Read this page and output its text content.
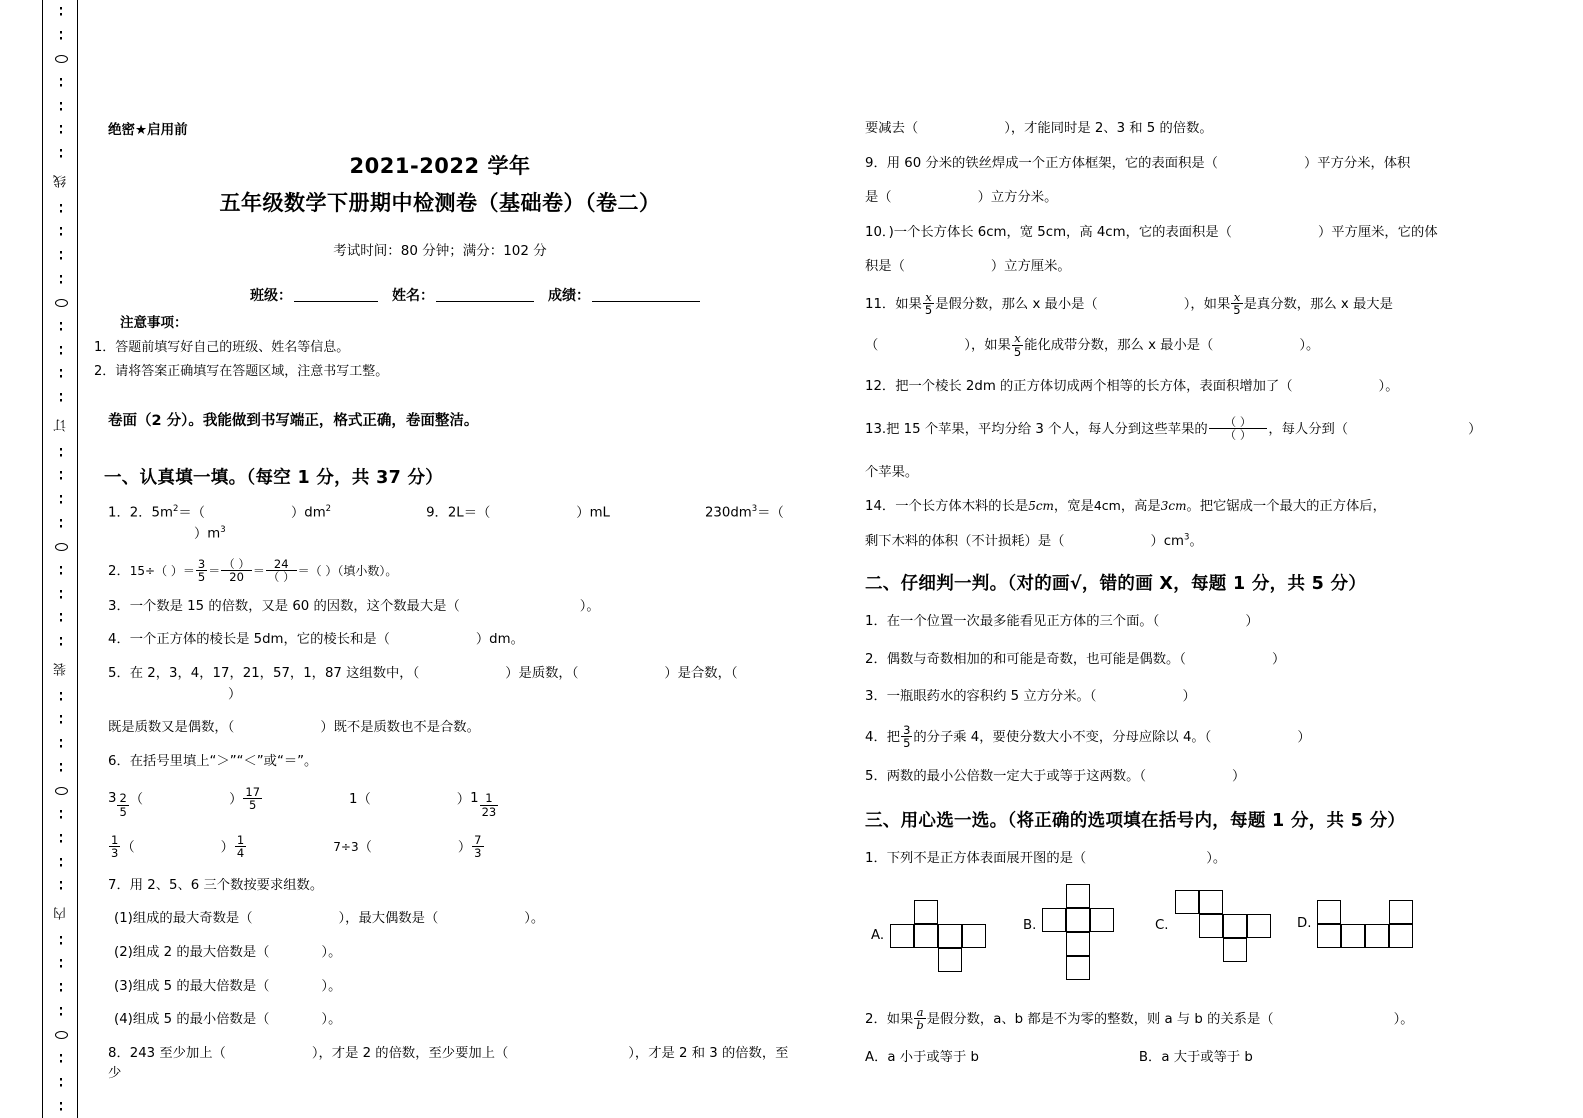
线
订
装
内
绝密★启用前
2021-2022 学年
五年级数学下册期中检测卷（基础卷）（卷二）
考试时间：80 分钟；满分：102 分
班级：	姓名：	成绩：
注意事项：
1．答题前填写好自己的班级、姓名等信息。
2．请将答案正确填写在答题区域，注意书写工整。
卷面（2 分）。我能做到书写端正，格式正确，卷面整洁。
一、认真填一填。（每空 1 分，共 37 分）
1．2．$5m^2=$（	）$dm^2$	9．2L＝（	）mL	$230dm^3=()m^3$
2．15÷（ ）＝ $\frac{3}{5} = \frac{( )}{20} = \frac{24}{( )}$ ＝（ ）（填小数）。
3．一个数是 15 的倍数，又是 60 的因数，这个数最大是（	）。
4．一个正方体的棱长是 5dm，它的棱长和是（	）dm。
5．在 2，3，4，17，21，57，1，87 这组数中，（	）是质数，（	）是合数，（）
既是质数又是偶数，（	）既不是质数也不是合数。
6．在括号里填上“＞”“＜”或“＝”。
$3 \frac{2}{5}$ （	） $\frac{17}{5}$	1（	）$1 \frac{1}{23}$
$\frac{1}{3}$ （	） $\frac{1}{4}$	7÷3（	） $\frac{7}{3}$
7．用 2、5、6 三个数按要求组数。
(1)组成的最大奇数是（	），最大偶数是（	）。
(2)组成 2 的最大倍数是（	）。
(3)组成 5 的最大倍数是（	）。
(4)组成 5 的最小倍数是（	）。
8．243 至少加上（	），才是 2 的倍数，至少要加上（	），才是 2 和 3 的倍数，至少
要减去（	），才能同时是 2、3 和 5 的倍数。
9．用 60 分米的铁丝焊成一个正方体框架，它的表面积是（	）平方分米，体积
是（	）立方分米。
10．)一个长方体长 6cm，宽 5cm，高 4cm，它的表面积是（	）平方厘米，它的体
积是（	）立方厘米。
11．如果 $\frac{x}{5}$ 是假分数，那么 x 最小是（	），如果 $\frac{x}{5}$ 是真分数，那么 x 最大是
（	），如果 $\frac{x}{5}$ 能化成带分数，那么 x 最小是（	）。
12．把一个棱长 2dm 的正方体切成两个相等的长方体，表面积增加了（	）。
13.把 15 个苹果，平均分给 3 个人，每人分到这些苹果的 $\frac{( )}{( )}$ ，每人分到（	）
个苹果。
14．一个长方体木料的长是5cm，宽是4cm，高是3cm。把它锯成一个最大的正方体后，
剩下木料的体积（不计损耗）是（	）$cm^3$。
二、仔细判一判。（对的画√，错的画 X，每题 1 分，共 5 分）
1．在一个位置一次最多能看见正方体的三个面。（	）
2．偶数与奇数相加的和可能是奇数，也可能是偶数。（	）
3．一瓶眼药水的容积约 5 立方分米。（	）
4．把 $\frac{3}{5}$ 的分子乘 4，要使分数大小不变，分母应除以 4。（	）
5．两数的最小公倍数一定大于或等于这两数。（	）
三、用心选一选。（将正确的选项填在括号内，每题 1 分，共 5 分）
1．下列不是正方体表面展开图的是（	）。
A.
B.	C.	D.
2．如果 $\frac{a}{b}$ 是假分数，a、b 都是不为零的整数，则 a 与 b 的关系是（	）。
A．a 小于或等于 b	B．a 大于或等于 b
